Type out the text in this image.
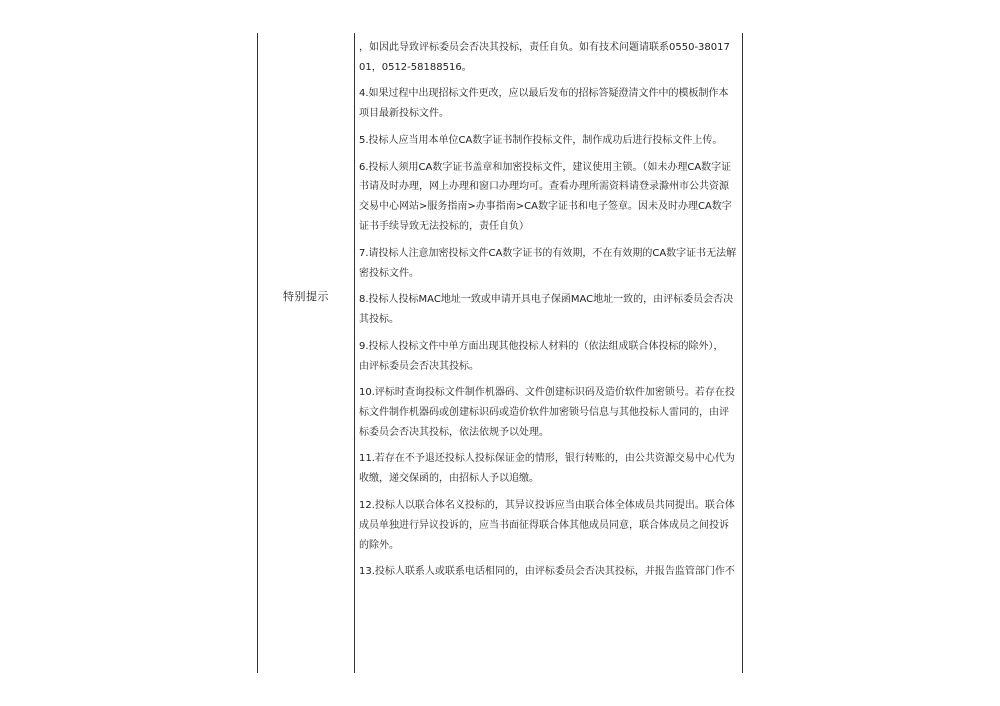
特别提示
，如因此导致评标委员会否决其投标，责任自负。如有技术问题请联系0550-38017
01，0512-58188516。
4.如果过程中出现招标文件更改，应以最后发布的招标答疑澄清文件中的模板制作本
项目最新投标文件。
5.投标人应当用本单位CA数字证书制作投标文件，制作成功后进行投标文件上传。
6.投标人须用CA数字证书盖章和加密投标文件，建议使用主锁。（如未办理CA数字证
书请及时办理，网上办理和窗口办理均可。查看办理所需资料请登录滁州市公共资源
交易中心网站>服务指南>办事指南>CA数字证书和电子签章。因未及时办理CA数字
证书手续导致无法投标的，责任自负）
7.请投标人注意加密投标文件CA数字证书的有效期，不在有效期的CA数字证书无法解
密投标文件。
8.投标人投标MAC地址一致或申请开具电子保函MAC地址一致的，由评标委员会否决
其投标。
9.投标人投标文件中单方面出现其他投标人材料的（依法组成联合体投标的除外），
由评标委员会否决其投标。
10.评标时查询投标文件制作机器码、文件创建标识码及造价软件加密锁号。若存在投
标文件制作机器码或创建标识码或造价软件加密锁号信息与其他投标人雷同的，由评
标委员会否决其投标，依法依规予以处理。
11.若存在不予退还投标人投标保证金的情形，银行转账的，由公共资源交易中心代为
收缴，递交保函的，由招标人予以追缴。
12.投标人以联合体名义投标的，其异议投诉应当由联合体全体成员共同提出。联合体
成员单独进行异议投诉的，应当书面征得联合体其他成员同意，联合体成员之间投诉
的除外。
13.投标人联系人或联系电话相同的，由评标委员会否决其投标，并报告监管部门作不
